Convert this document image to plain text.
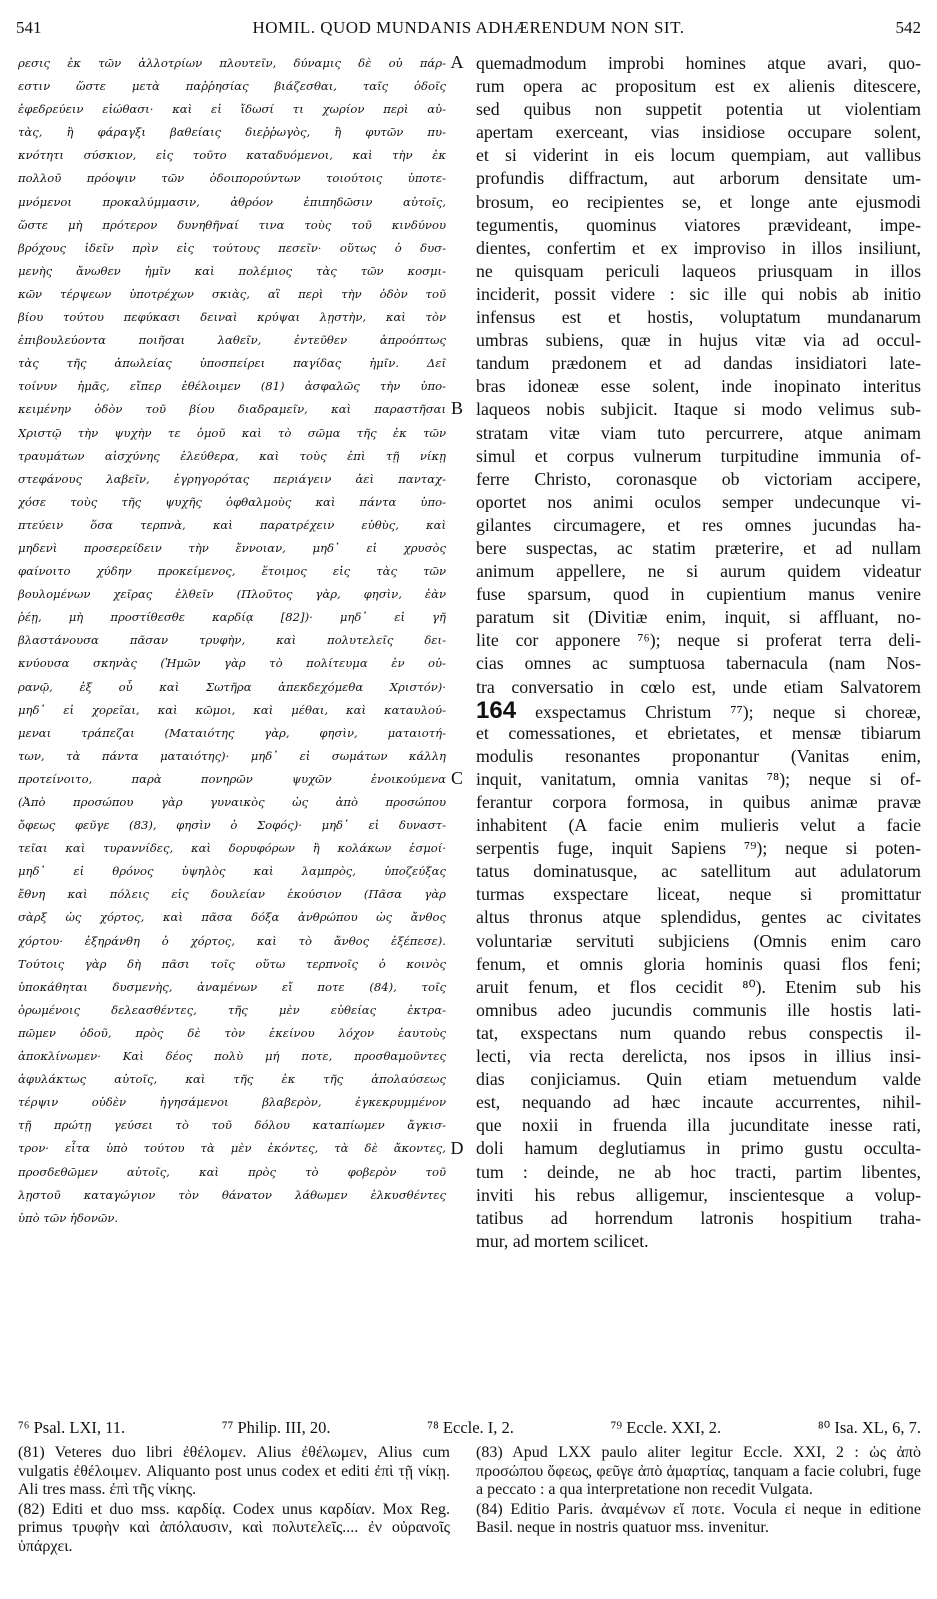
541	HOMIL. QUOD MUNDANIS ADHÆRENDUM NON SIT.	542
ρεσις ἐκ τῶν ἀλλοτρίων πλουτεῖν, δύναμις δὲ οὐ πάρ-
εστιν ὥστε μετὰ παῤῥησίας βιάζεσθαι, ταῖς ὁδοῖς
ἐφεδρεύειν εἰώθασι· καὶ εἰ ἴδωσί τι χωρίον περὶ αὐ-
τὰς, ἢ φάραγξι βαθείαις διεῤῥωγὸς, ἢ φυτῶν πυ-
κνότητι σύσκιον, εἰς τοῦτο καταδυόμενοι, καὶ τὴν ἐκ
πολλοῦ πρόοψιν τῶν ὁδοιπορούντων τοιούτοις ὑποτε-
μνόμενοι προκαλύμμασιν, ἀθρόον ἐπιπηδῶσιν αὐτοῖς,
ὥστε μὴ πρότερον δυνηθῆναί τινα τοὺς τοῦ κινδύνου
βρόχους ἰδεῖν πρὶν εἰς τούτους πεσεῖν· οὕτως ὁ δυσ-
μενὴς ἄνωθεν ἡμῖν καὶ πολέμιος τὰς τῶν κοσμι-
κῶν τέρψεων ὑποτρέχων σκιὰς, αἳ περὶ τὴν ὁδὸν τοῦ
βίου τούτου πεφύκασι δειναὶ κρύψαι λῃστὴν, καὶ τὸν
ἐπιβουλεύοντα ποιῆσαι λαθεῖν, ἐντεῦθεν ἀπροόπτως
τὰς τῆς ἀπωλείας ὑποσπείρει παγίδας ἡμῖν. Δεῖ
τοίνυν ἡμᾶς, εἴπερ ἐθέλοιμεν (81) ἀσφαλῶς τὴν ὑπο-
κειμένην ὁδὸν τοῦ βίου διαδραμεῖν, καὶ παραστῆσαι
Χριστῷ τὴν ψυχὴν τε ὁμοῦ καὶ τὸ σῶμα τῆς ἐκ τῶν
τραυμάτων αἰσχύνης ἐλεύθερα, καὶ τοὺς ἐπὶ τῇ νίκῃ
στεφάνους λαβεῖν, ἐγρηγορότας περιάγειν ἀεὶ πανταχ-
χόσε τοὺς τῆς ψυχῆς ὀφθαλμοὺς καὶ πάντα ὑπο-
πτεύειν ὅσα τερπνὰ, καὶ παρατρέχειν εὐθὺς, καὶ
μηδενὶ προσερείδειν τὴν ἔννοιαν, μηδ᾽ εἰ χρυσὸς
φαίνοιτο χύδην προκείμενος, ἕτοιμος εἰς τὰς τῶν
βουλομένων χεῖρας ἐλθεῖν (Πλοῦτος γὰρ, φησὶν, ἐὰν
ῥέῃ, μὴ προστίθεσθε καρδίᾳ [82])· μηδ᾽ εἰ γῆ
βλαστάνουσα πᾶσαν τρυφὴν, καὶ πολυτελεῖς δει-
κνύουσα σκηνὰς (Ἡμῶν γὰρ τὸ πολίτευμα ἐν οὐ-
ρανῷ, ἐξ οὗ καὶ Σωτῆρα ἀπεκδεχόμεθα Χριστόν)·
μηδ᾽ εἰ χορεῖαι, καὶ κῶμοι, καὶ μέθαι, καὶ καταυλού-
μεναι τράπεζαι (Ματαιότης γὰρ, φησὶν, ματαιοτή-
των, τὰ πάντα ματαιότης)· μηδ᾽ εἰ σωμάτων κάλλη
προτείνοιτο, παρὰ πονηρῶν ψυχῶν ἐνοικούμενα
(Ἀπὸ προσώπου γὰρ γυναικὸς ὡς ἀπὸ προσώπου
ὄφεως φεῦγε (83), φησὶν ὁ Σοφός)· μηδ᾽ εἰ δυναστ-
τεῖαι καὶ τυραννίδες, καὶ δορυφόρων ἢ κολάκων ἑσμοί·
μηδ᾽ εἰ θρόνος ὑψηλὸς καὶ λαμπρὸς, ὑποζεύξας
ἔθνη καὶ πόλεις εἰς δουλείαν ἑκούσιον (Πᾶσα γὰρ
σὰρξ ὡς χόρτος, καὶ πᾶσα δόξα ἀνθρώπου ὡς ἄνθος
χόρτου· ἐξηράνθη ὁ χόρτος, καὶ τὸ ἄνθος ἐξέπεσε).
Τούτοις γὰρ δὴ πᾶσι τοῖς οὕτω τερπνοῖς ὁ κοινὸς
ὑποκάθηται δυσμενὴς, ἀναμένων εἴ ποτε (84), τοῖς
ὁρωμένοις δελεασθέντες, τῆς μὲν εὐθείας ἐκτρα-
πῶμεν ὁδοῦ, πρὸς δὲ τὸν ἐκείνου λόχον ἑαυτοὺς
ἀποκλίνωμεν· Καὶ δέος πολὺ μή ποτε, προσθαμοῦντες
ἀφυλάκτως αὐτοῖς, καὶ τῆς ἐκ τῆς ἀπολαύσεως
τέρψιν οὐδὲν ἡγησάμενοι βλαβερὸν, ἐγκεκρυμμένον
τῇ πρώτῃ γεύσει τὸ τοῦ δόλου καταπίωμεν ἄγκισ-
τρον· εἶτα ὑπὸ τούτου τὰ μὲν ἑκόντες, τὰ δὲ ἄκοντες,
προσδεθῶμεν αὐτοῖς, καὶ πρὸς τὸ φοβερὸν τοῦ
λῃστοῦ καταγώγιον τὸν θάνατον λάθωμεν ἑλκυσθέντες
ὑπὸ τῶν ἡδονῶν.
quemadmodum improbi homines atque avari, quo-
rum opera ac propositum est ex alienis ditescere,
sed quibus non suppetit potentia ut violentiam
apertam exerceant, vias insidiose occupare solent,
et si viderint in eis locum quempiam, aut vallibus
profundis diffractum, aut arborum densitate um-
brosum, eo recipientes se, et longe ante ejusmodi
tegumentis, quominus viatores prævideant, impe-
dientes, confertim et ex improviso in illos insiliunt,
ne quisquam periculi laqueos priusquam in illos
inciderit, possit videre : sic ille qui nobis ab initio
infensus est et hostis, voluptatum mundanarum
umbras subiens, quæ in hujus vitæ via ad occul-
tandum prædonem et ad dandas insidiatori late-
bras idoneæ esse solent, inde inopinato interitus
laqueos nobis subjicit. Itaque si modo velimus sub-
stratam vitæ viam tuto percurrere, atque animam
simul et corpus vulnerum turpitudine immunia of-
ferre Christo, coronasque ob victoriam accipere,
oportet nos animi oculos semper undecunque vi-
gilantes circumagere, et res omnes jucundas ha-
bere suspectas, ac statim præterire, et ad nullam
animum appellere, ne si aurum quidem videatur
fuse sparsum, quod in cupientium manus venire
paratum sit (Divitiæ enim, inquit, si affluant, no-
lite cor apponere ⁷⁶); neque si proferat terra deli-
cias omnes ac sumptuosa tabernacula (nam Nos-
tra conversatio in cœlo est, unde etiam Salvatorem
164 exspectamus Christum ⁷⁷); neque si choreæ,
et comessationes, et ebrietates, et mensæ tibiarum
modulis resonantes proponantur (Vanitas enim,
inquit, vanitatum, omnia vanitas ⁷⁸); neque si of-
ferantur corpora formosa, in quibus animæ pravæ
inhabitent (A facie enim mulieris velut a facie
serpentis fuge, inquit Sapiens ⁷⁹); neque si poten-
tatus dominatusque, ac satellitum aut adulatorum
turmas exspectare liceat, neque si promittatur
altus thronus atque splendidus, gentes ac civitates
voluntariæ servituti subjiciens (Omnis enim caro
fenum, et omnis gloria hominis quasi flos feni;
aruit fenum, et flos cecidit ⁸⁰). Etenim sub his
omnibus adeo jucundis communis ille hostis lati-
tat, exspectans num quando rebus conspectis il-
lecti, via recta derelicta, nos ipsos in illius insi-
dias conjiciamus. Quin etiam metuendum valde
est, nequando ad hæc incaute accurrentes, nihil-
que noxii in fruenda illa jucunditate inesse rati,
doli hamum deglutiamus in primo gustu occulta-
tum : deinde, ne ab hoc tracti, partim libentes,
inviti his rebus alligemur, inscientesque a volup-
tatibus ad horrendum latronis hospitium traha-
mur, ad mortem scilicet.
A
B
C
D
⁷⁶ Psal. LXI, 11.	⁷⁷ Philip. III, 20.	⁷⁸ Eccle. I, 2.	⁷⁹ Eccle. XXI, 2.	⁸⁰ Isa. XL, 6, 7.

(81) Veteres duo libri ἐθέλομεν. Alius ἐθέλωμεν, Alius cum vulgatis ἐθέλοιμεν. Aliquanto post unus codex et editi ἐπὶ τῇ νίκῃ. Ali tres mass. ἐπὶ τῆς νίκης.

(82) Editi et duo mss. καρδίᾳ. Codex unus καρδίαν. Mox Reg. primus τρυφὴν καὶ ἀπόλαυσιν, καὶ πολυτελεῖς.... ἐν οὐρανοῖς ὑπάρχει.

(83) Apud LXX paulo aliter legitur Eccle. XXI, 2 : ὡς ἀπὸ προσώπου ὄφεως, φεῦγε ἀπὸ ἁμαρτίας, tanquam a facie colubri, fuge a peccato : a qua interpretatione non recedit Vulgata.

(84) Editio Paris. ἀναμένων εἴ ποτε. Vocula εἰ neque in editione Basil. neque in nostris quatuor mss. invenitur.
